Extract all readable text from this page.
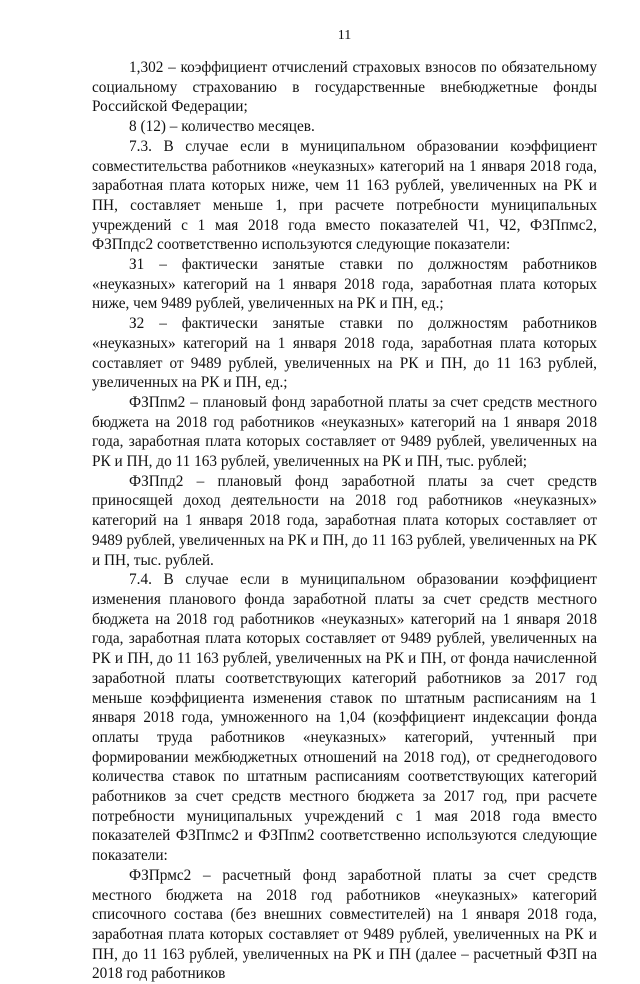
11

1,302 – коэффициент отчислений страховых взносов по обязательному социальному страхованию в государственные внебюджетные фонды Российской Федерации;

8 (12) – количество месяцев.

7.3. В случае если в муниципальном образовании коэффициент совместительства работников «неуказных» категорий на 1 января 2018 года, заработная плата которых ниже, чем 11 163 рублей, увеличенных на РК и ПН, составляет меньше 1, при расчете потребности муниципальных учреждений с 1 мая 2018 года вместо показателей Ч1, Ч2, ФЗПпмс2, ФЗПпдс2 соответственно используются следующие показатели:

З1 – фактически занятые ставки по должностям работников «неуказных» категорий на 1 января 2018 года, заработная плата которых ниже, чем 9489 рублей, увеличенных на РК и ПН, ед.;

З2 – фактически занятые ставки по должностям работников «неуказных» категорий на 1 января 2018 года, заработная плата которых составляет от 9489 рублей, увеличенных на РК и ПН, до 11 163 рублей, увеличенных на РК и ПН, ед.;

ФЗПпм2 – плановый фонд заработной платы за счет средств местного бюджета на 2018 год работников «неуказных» категорий на 1 января 2018 года, заработная плата которых составляет от 9489 рублей, увеличенных на РК и ПН, до 11 163 рублей, увеличенных на РК и ПН, тыс. рублей;

ФЗПпд2 – плановый фонд заработной платы за счет средств приносящей доход деятельности на 2018 год работников «неуказных» категорий на 1 января 2018 года, заработная плата которых составляет от 9489 рублей, увеличенных на РК и ПН, до 11 163 рублей, увеличенных на РК и ПН, тыс. рублей.

7.4. В случае если в муниципальном образовании коэффициент изменения планового фонда заработной платы за счет средств местного бюджета на 2018 год работников «неуказных» категорий на 1 января 2018 года, заработная плата которых составляет от 9489 рублей, увеличенных на РК и ПН, до 11 163 рублей, увеличенных на РК и ПН, от фонда начисленной заработной платы соответствующих категорий работников за 2017 год меньше коэффициента изменения ставок по штатным расписаниям на 1 января 2018 года, умноженного на 1,04 (коэффициент индексации фонда оплаты труда работников «неуказных» категорий, учтенный при формировании межбюджетных отношений на 2018 год), от среднегодового количества ставок по штатным расписаниям соответствующих категорий работников за счет средств местного бюджета за 2017 год, при расчете потребности муниципальных учреждений с 1 мая 2018 года вместо показателей ФЗПпмс2 и ФЗПпм2 соответственно используются следующие показатели:

ФЗПрмс2 – расчетный фонд заработной платы за счет средств местного бюджета на 2018 год работников «неуказных» категорий списочного состава (без внешних совместителей) на 1 января 2018 года, заработная плата которых составляет от 9489 рублей, увеличенных на РК и ПН, до 11 163 рублей, увеличенных на РК и ПН (далее – расчетный ФЗП на 2018 год работников
